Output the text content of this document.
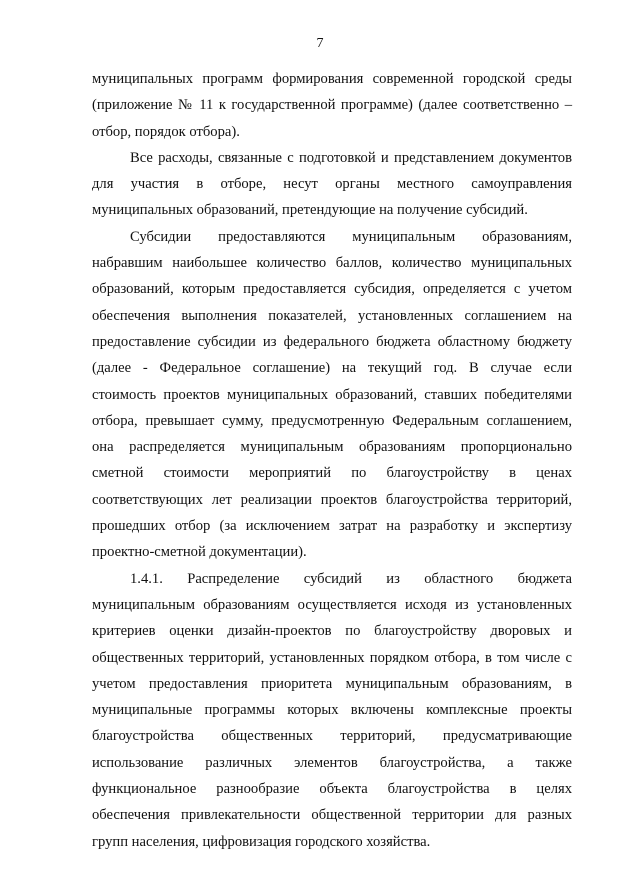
7
муниципальных программ формирования современной городской среды
(приложение № 11 к государственной программе) (далее соответственно –
отбор, порядок отбора).
Все расходы, связанные с подготовкой и представлением документов
для участия в отборе, несут органы местного самоуправления
муниципальных образований, претендующие на получение субсидий.
Субсидии предоставляются муниципальным образованиям,
набравшим наибольшее количество баллов, количество муниципальных
образований, которым предоставляется субсидия, определяется с учетом
обеспечения выполнения показателей, установленных соглашением на
предоставление субсидии из федерального бюджета областному бюджету
(далее - Федеральное соглашение) на текущий год. В случае если
стоимость проектов муниципальных образований, ставших победителями
отбора, превышает сумму, предусмотренную Федеральным соглашением,
она распределяется муниципальным образованиям пропорционально
сметной стоимости мероприятий по благоустройству в ценах
соответствующих лет реализации проектов благоустройства территорий,
прошедших отбор (за исключением затрат на разработку и экспертизу
проектно-сметной документации).
1.4.1. Распределение субсидий из областного бюджета
муниципальным образованиям осуществляется исходя из установленных
критериев оценки дизайн-проектов по благоустройству дворовых и
общественных территорий, установленных порядком отбора, в том числе с
учетом предоставления приоритета муниципальным образованиям, в
муниципальные программы которых включены комплексные проекты
благоустройства общественных территорий, предусматривающие
использование различных элементов благоустройства, а также
функциональное разнообразие объекта благоустройства в целях
обеспечения привлекательности общественной территории для разных
групп населения, цифровизация городского хозяйства.
